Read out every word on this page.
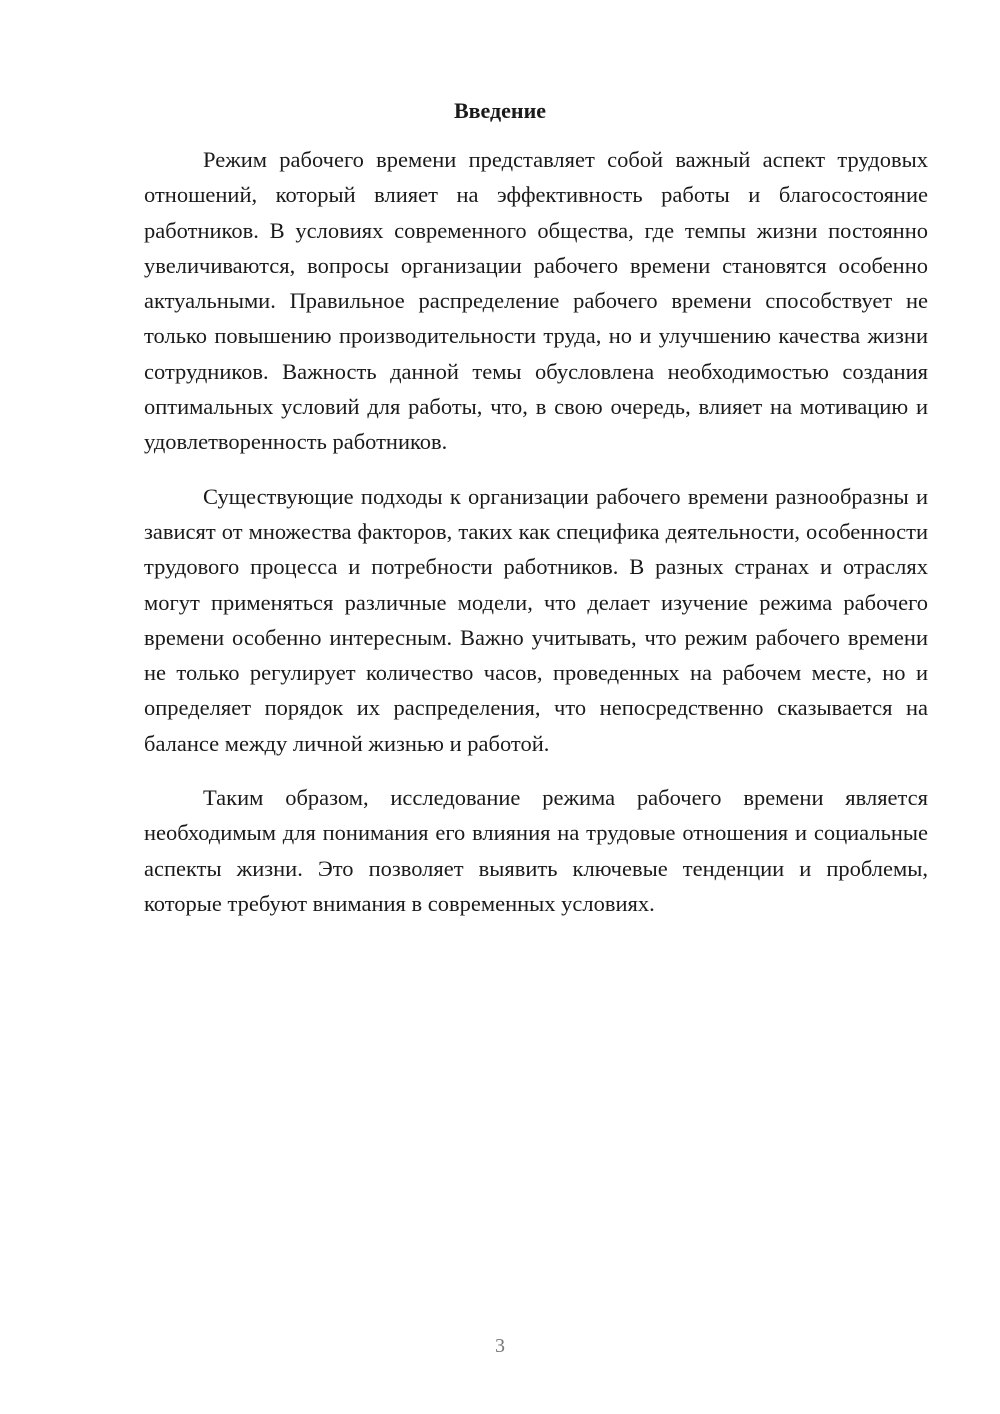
Введение

Режим рабочего времени представляет собой важный аспект трудовых отношений, который влияет на эффективность работы и благосостояние работников. В условиях современного общества, где темпы жизни постоянно увеличиваются, вопросы организации рабочего времени становятся особенно актуальными. Правильное распределение рабочего времени способствует не только повышению производительности труда, но и улучшению качества жизни сотрудников. Важность данной темы обусловлена необходимостью создания оптимальных условий для работы, что, в свою очередь, влияет на мотивацию и удовлетворенность работников.

Существующие подходы к организации рабочего времени разнообразны и зависят от множества факторов, таких как специфика деятельности, особенности трудового процесса и потребности работников. В разных странах и отраслях могут применяться различные модели, что делает изучение режима рабочего времени особенно интересным. Важно учитывать, что режим рабочего времени не только регулирует количество часов, проведенных на рабочем месте, но и определяет порядок их распределения, что непосредственно сказывается на балансе между личной жизнью и работой.

Таким образом, исследование режима рабочего времени является необходимым для понимания его влияния на трудовые отношения и социальные аспекты жизни. Это позволяет выявить ключевые тенденции и проблемы, которые требуют внимания в современных условиях.

3
